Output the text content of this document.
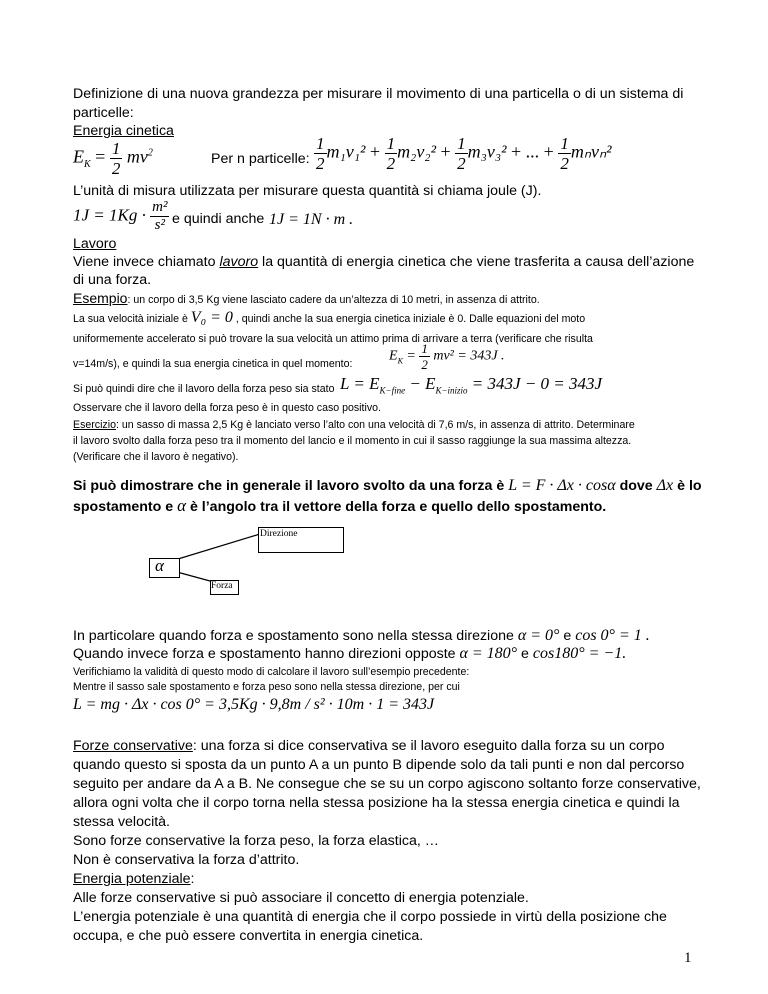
Definizione di una nuova grandezza per misurare il movimento di una particella o di un sistema di
particelle:
Energia cinetica
$E_K = \frac{1}{2} mv^2$	Per n particelle: $\frac{1}{2} m_1v_1^2 + \frac{1}{2} m_2v_2^2 + \frac{1}{2} m_3v_3^2$ + ... + $\frac{1}{2} m_nv_n^2$
L’unità di misura utilizzata per misurare questa quantità si chiama joule (J).
$1J = 1Kg \cdot \frac{\text{m²}}{\text{s²}}$ e quindi anche 1J = 1N · m .
Lavoro
Viene invece chiamato lavoro la quantità di energia cinetica che viene trasferita a causa dell’azione
di una forza.
Esempio: un corpo di 3,5 Kg viene lasciato cadere da un’altezza di 10 metri, in assenza di attrito.
La sua velocità iniziale è V₀ = 0 , quindi anche la sua energia cinetica iniziale è 0. Dalle equazioni del moto
uniformemente accelerato si può trovare la sua velocità un attimo prima di arrivare a terra (verificare che risulta
v=14m/s), e quindi la sua energia cinetica in quel momento:
$E_K = \frac{1}{2} mv^2 = 343J$ .
Si può quindi dire che il lavoro della forza peso sia stato $L = E_{K-fine} - E_{K-inizio} = 343J - 0 = 343J$
Osservare che il lavoro della forza peso è in questo caso positivo.
Esercizio: un sasso di massa 2,5 Kg è lanciato verso l’alto con una velocità di 7,6 m/s, in assenza di attrito. Determinare
il lavoro svolto dalla forza peso tra il momento del lancio e il momento in cui il sasso raggiunge la sua massima altezza.
(Verificare che il lavoro è negativo).
Si può dimostrare che in generale il lavoro svolto da una forza è L = F · Δx · cosα dove Δx è lo
spostamento e α è l’angolo tra il vettore della forza e quello dello spostamento.
Direzione
α
Forza
In particolare quando forza e spostamento sono nella stessa direzione α = 0° e cos 0° = 1 .
Quando invece forza e spostamento hanno direzioni opposte α = 180° e cos180° = −1.
Verifichiamo la validità di questo modo di calcolare il lavoro sull’esempio precedente:
Mentre il sasso sale spostamento e forza peso sono nella stessa direzione, per cui
L = mg · Δx · cos 0° = 3,5Kg · 9,8m / s² · 10m · 1 = 343J
Forze conservative: una forza si dice conservativa se il lavoro eseguito dalla forza su un corpo
quando questo si sposta da un punto A a un punto B dipende solo da tali punti e non dal percorso
seguito per andare da A a B. Ne consegue che se su un corpo agiscono soltanto forze conservative,
allora ogni volta che il corpo torna nella stessa posizione ha la stessa energia cinetica e quindi la
stessa velocità.
Sono forze conservative la forza peso, la forza elastica, …
Non è conservativa la forza d’attrito.
Energia potenziale:
Alle forze conservative si può associare il concetto di energia potenziale.
L’energia potenziale è una quantità di energia che il corpo possiede in virtù della posizione che
occupa, e che può essere convertita in energia cinetica.
1
